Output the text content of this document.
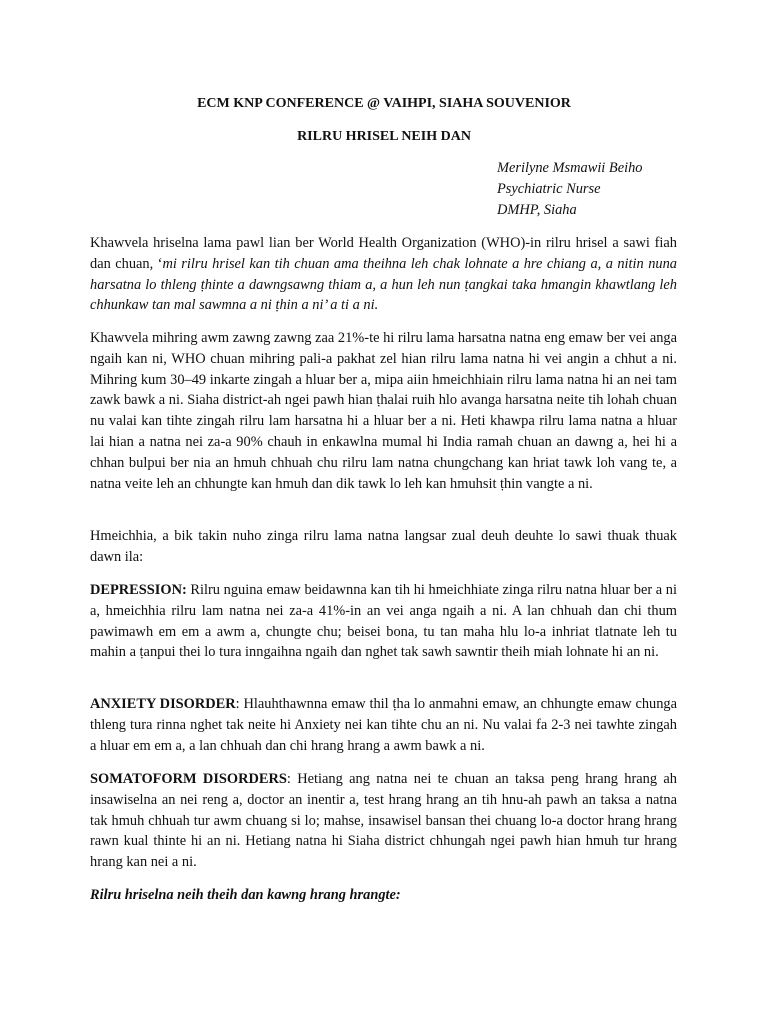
ECM KNP CONFERENCE @ VAIHPI, SIAHA SOUVENIOR
RILRU HRISEL NEIH DAN
Merilyne Msmawii Beiho
Psychiatric Nurse
DMHP, Siaha

Khawvela hriselna lama pawl lian ber World Health Organization (WHO)-in rilru hrisel a sawi fiah dan chuan, ‘mi rilru hrisel kan tih chuan ama theihna leh chak lohnate a hre chiang a, a nitin nuna harsatna lo thleng ṭhinte a dawngsawng thiam a, a hun leh nun ṭangkai taka hmangin khawtlang leh chhunkaw tan mal sawmna a ni ṭhin a ni’ a ti a ni.

Khawvela mihring awm zawng zawng zaa 21%-te hi rilru lama harsatna natna eng emaw ber vei anga ngaih kan ni, WHO chuan mihring pali-a pakhat zel hian rilru lama natna hi vei angin a chhut a ni. Mihring kum 30–49 inkarte zingah a hluar ber a, mipa aiin hmeichhiain rilru lama natna hi an nei tam zawk bawk a ni. Siaha district-ah ngei pawh hian ṭhalai ruih hlo avanga harsatna neite tih lohah chuan nu valai kan tihte zingah rilru lam harsatna hi a hluar ber a ni. Heti khawpa rilru lama natna a hluar lai hian a natna nei za-a 90% chauh in enkawlna mumal hi India ramah chuan an dawng a, hei hi a chhan bulpui ber nia an hmuh chhuah chu rilru lam natna chungchang kan hriat tawk loh vang te, a natna veite leh an chhungte kan hmuh dan dik tawk lo leh kan hmuhsit ṭhin vangte a ni.

Hmeichhia, a bik takin nuho zinga rilru lama natna langsar zual deuh deuhte lo sawi thuak thuak dawn ila:

DEPRESSION: Rilru nguina emaw beidawnna kan tih hi hmeichhiate zinga rilru natna hluar ber a ni a, hmeichhia rilru lam natna nei za-a 41%-in an vei anga ngaih a ni. A lan chhuah dan chi thum pawimawh em em a awm a, chungte chu; beisei bona, tu tan maha hlu lo-a inhriat tlatnate leh tu mahin a ṭanpui thei lo tura inngaihna ngaih dan nghet tak sawh sawntir theih miah lohnate hi an ni.

ANXIETY DISORDER: Hlauhthawnna emaw thil ṭha lo anmahni emaw, an chhungte emaw chunga thleng tura rinna nghet tak neite hi Anxiety nei kan tihte chu an ni. Nu valai fa 2-3 nei tawhte zingah a hluar em em a, a lan chhuah dan chi hrang hrang a awm bawk a ni.

SOMATOFORM DISORDERS: Hetiang ang natna nei te chuan an taksa peng hrang hrang ah insawiselna an nei reng a, doctor an inentir a, test hrang hrang an tih hnu-ah pawh an taksa a natna tak hmuh chhuah tur awm chuang si lo; mahse, insawisel bansan thei chuang lo-a doctor hrang hrang rawn kual thinte hi an ni. Hetiang natna hi Siaha district chhungah ngei pawh hian hmuh tur hrang hrang kan nei a ni.

Rilru hriselna neih theih dan kawng hrang hrangte:
